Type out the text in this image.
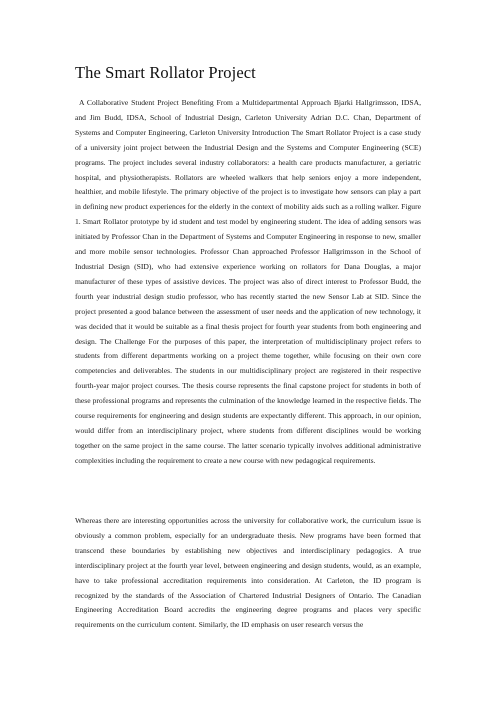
The Smart Rollator Project

A Collaborative Student Project Benefiting From a Multidepartmental Approach Bjarki Hallgrimsson, IDSA, and Jim Budd, IDSA, School of Industrial Design, Carleton University Adrian D.C. Chan, Department of Systems and Computer Engineering, Carleton University Introduction The Smart Rollator Project is a case study of a university joint project between the Industrial Design and the Systems and Computer Engineering (SCE) programs. The project includes several industry collaborators: a health care products manufacturer, a geriatric hospital, and physiotherapists. Rollators are wheeled walkers that help seniors enjoy a more independent, healthier, and mobile lifestyle. The primary objective of the project is to investigate how sensors can play a part in defining new product experiences for the elderly in the context of mobility aids such as a rolling walker. Figure 1. Smart Rollator prototype by id student and test model by engineering student. The idea of adding sensors was initiated by Professor Chan in the Department of Systems and Computer Engineering in response to new, smaller and more mobile sensor technologies. Professor Chan approached Professor Hallgrimsson in the School of Industrial Design (SID), who had extensive experience working on rollators for Dana Douglas, a major manufacturer of these types of assistive devices. The project was also of direct interest to Professor Budd, the fourth year industrial design studio professor, who has recently started the new Sensor Lab at SID. Since the project presented a good balance between the assessment of user needs and the application of new technology, it was decided that it would be suitable as a final thesis project for fourth year students from both engineering and design. The Challenge For the purposes of this paper, the interpretation of multidisciplinary project refers to students from different departments working on a project theme together, while focusing on their own core competencies and deliverables. The students in our multidisciplinary project are registered in their respective fourth-year major project courses. The thesis course represents the final capstone project for students in both of these professional programs and represents the culmination of the knowledge learned in the respective fields. The course requirements for engineering and design students are expectantly different. This approach, in our opinion, would differ from an interdisciplinary project, where students from different disciplines would be working together on the same project in the same course. The latter scenario typically involves additional administrative complexities including the requirement to create a new course with new pedagogical requirements.

Whereas there are interesting opportunities across the university for collaborative work, the curriculum issue is obviously a common problem, especially for an undergraduate thesis. New programs have been formed that transcend these boundaries by establishing new objectives and interdisciplinary pedagogics. A true interdisciplinary project at the fourth year level, between engineering and design students, would, as an example, have to take professional accreditation requirements into consideration. At Carleton, the ID program is recognized by the standards of the Association of Chartered Industrial Designers of Ontario. The Canadian Engineering Accreditation Board accredits the engineering degree programs and places very specific requirements on the curriculum content. Similarly, the ID emphasis on user research versus the
